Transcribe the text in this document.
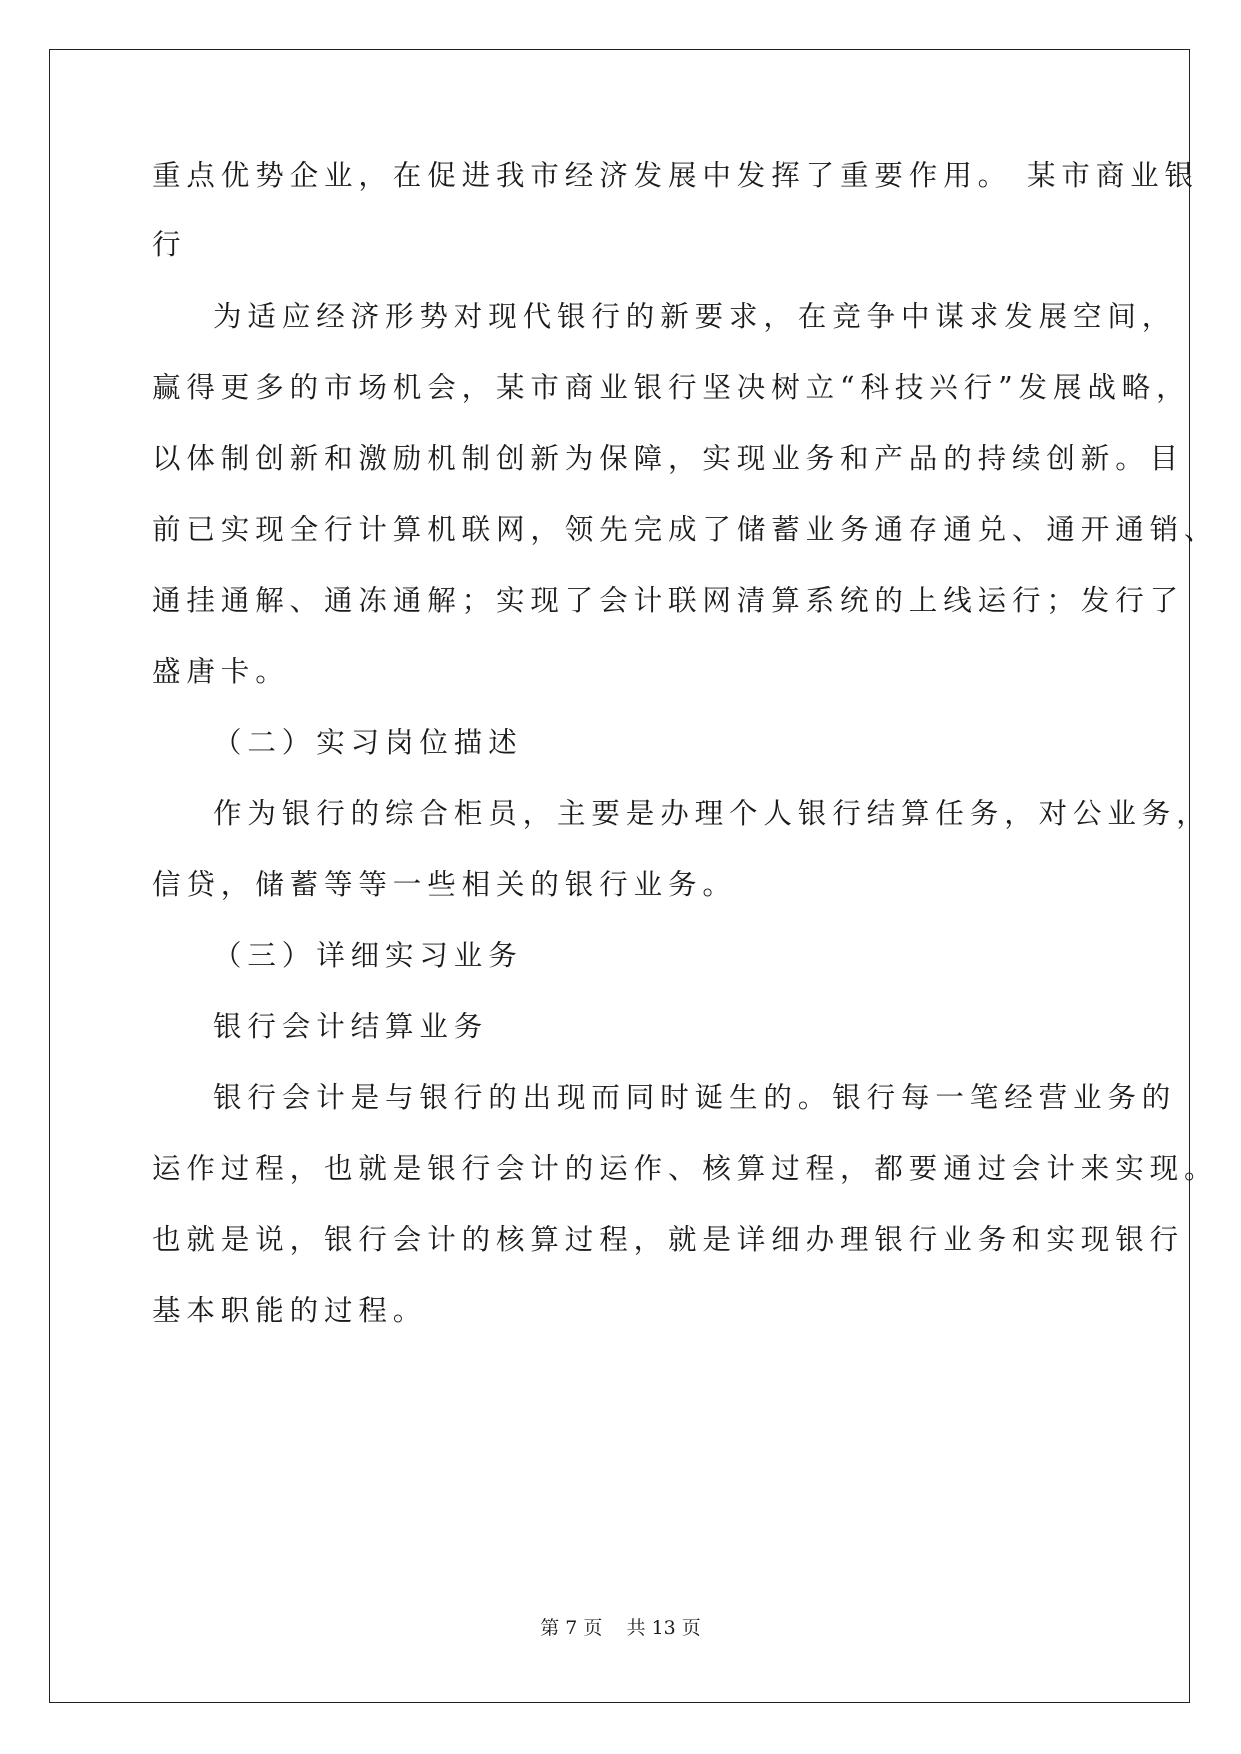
重点优势企业，在促进我市经济发展中发挥了重要作用。 某市商业银
行
为适应经济形势对现代银行的新要求，在竞争中谋求发展空间，
赢得更多的市场机会，某市商业银行坚决树立“科技兴行”发展战略，
以体制创新和激励机制创新为保障，实现业务和产品的持续创新。目
前已实现全行计算机联网，领先完成了储蓄业务通存通兑、通开通销、
通挂通解、通冻通解；实现了会计联网清算系统的上线运行；发行了
盛唐卡。
（二）实习岗位描述
作为银行的综合柜员，主要是办理个人银行结算任务，对公业务，
信贷，储蓄等等一些相关的银行业务。
（三）详细实习业务
银行会计结算业务
银行会计是与银行的出现而同时诞生的。银行每一笔经营业务的
运作过程，也就是银行会计的运作、核算过程，都要通过会计来实现。
也就是说，银行会计的核算过程，就是详细办理银行业务和实现银行
基本职能的过程。
第 7 页    共 13 页
